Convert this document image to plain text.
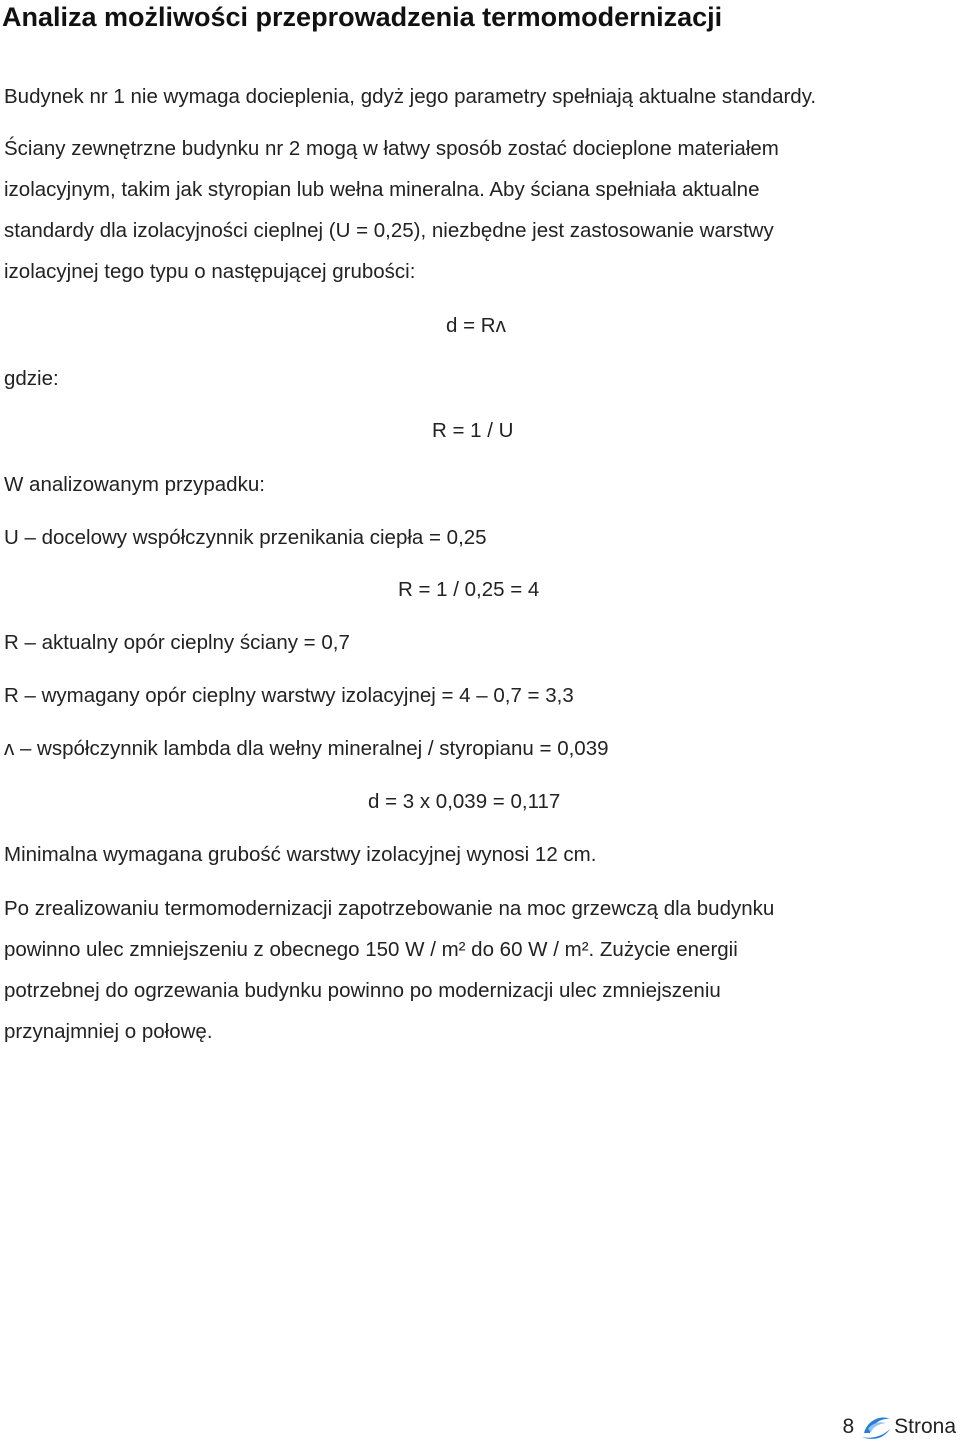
Analiza możliwości przeprowadzenia termomodernizacji
Budynek nr 1 nie wymaga docieplenia, gdyż jego parametry spełniają aktualne standardy.
Ściany zewnętrzne budynku nr 2 mogą w łatwy sposób zostać docieplone materiałem
izolacyjnym, takim jak styropian lub wełna mineralna. Aby ściana spełniała aktualne
standardy dla izolacyjności cieplnej (U = 0,25), niezbędne jest zastosowanie warstwy
izolacyjnej tego typu o następującej grubości:
d = Rʌ
gdzie:
R = 1 / U
W analizowanym przypadku:
U – docelowy współczynnik przenikania ciepła = 0,25
R = 1 / 0,25 = 4
R – aktualny opór cieplny ściany = 0,7
R – wymagany opór cieplny warstwy izolacyjnej = 4 – 0,7 = 3,3
ʌ – współczynnik lambda dla wełny mineralnej / styropianu = 0,039
d = 3 x 0,039 = 0,117
Minimalna wymagana grubość warstwy izolacyjnej wynosi 12 cm.
Po zrealizowaniu termomodernizacji zapotrzebowanie na moc grzewczą dla budynku
powinno ulec zmniejszeniu z obecnego 150 W / m² do 60 W / m². Zużycie energii
potrzebnej do ogrzewania budynku powinno po modernizacji ulec zmniejszeniu
przynajmniej o połowę.
8 Strona
